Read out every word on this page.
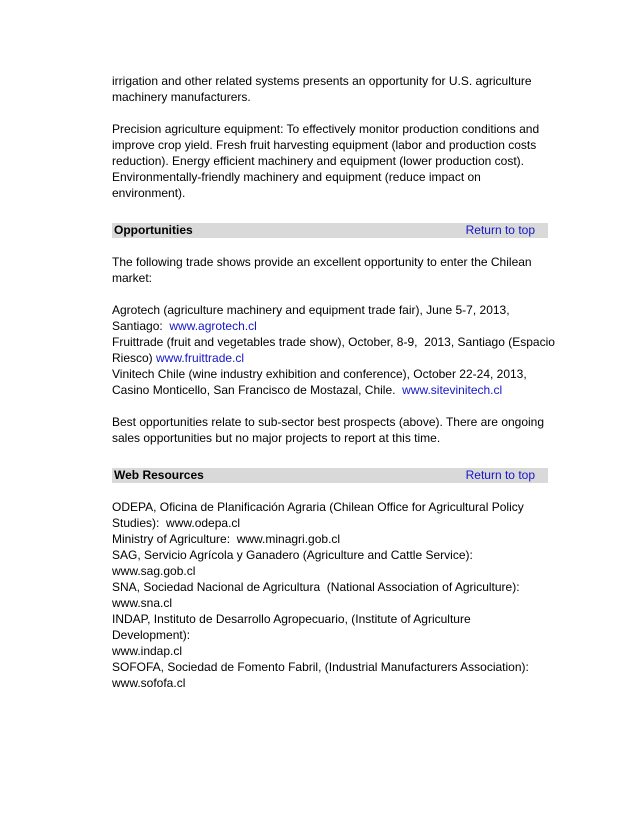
irrigation and other related systems presents an opportunity for U.S. agriculture

machinery manufacturers.

Precision agriculture equipment: To effectively monitor production conditions and

improve crop yield. Fresh fruit harvesting equipment (labor and production costs

reduction). Energy efficient machinery and equipment (lower production cost).

Environmentally-friendly machinery and equipment (reduce impact on environment).

Opportunities	Return to top

The following trade shows provide an excellent opportunity to enter the Chilean

market:

Agrotech (agriculture machinery and equipment trade fair), June 5-7, 2013,

Santiago:  www.agrotech.cl

Fruittrade (fruit and vegetables trade show), October, 8-9,  2013, Santiago (Espacio

Riesco) www.fruittrade.cl

Vinitech Chile (wine industry exhibition and conference), October 22-24, 2013,

Casino Monticello, San Francisco de Mostazal, Chile.  www.sitevinitech.cl

Best opportunities relate to sub-sector best prospects (above). There are ongoing

sales opportunities but no major projects to report at this time.

Web Resources	Return to top

ODEPA, Oficina de Planificación Agraria (Chilean Office for Agricultural Policy

Studies):  www.odepa.cl

Ministry of Agriculture:  www.minagri.gob.cl

SAG, Servicio Agrícola y Ganadero (Agriculture and Cattle Service):

www.sag.gob.cl

SNA, Sociedad Nacional de Agricultura  (National Association of Agriculture):

www.sna.cl

INDAP, Instituto de Desarrollo Agropecuario, (Institute of Agriculture Development):

www.indap.cl

SOFOFA, Sociedad de Fomento Fabril, (Industrial Manufacturers Association):

www.sofofa.cl
